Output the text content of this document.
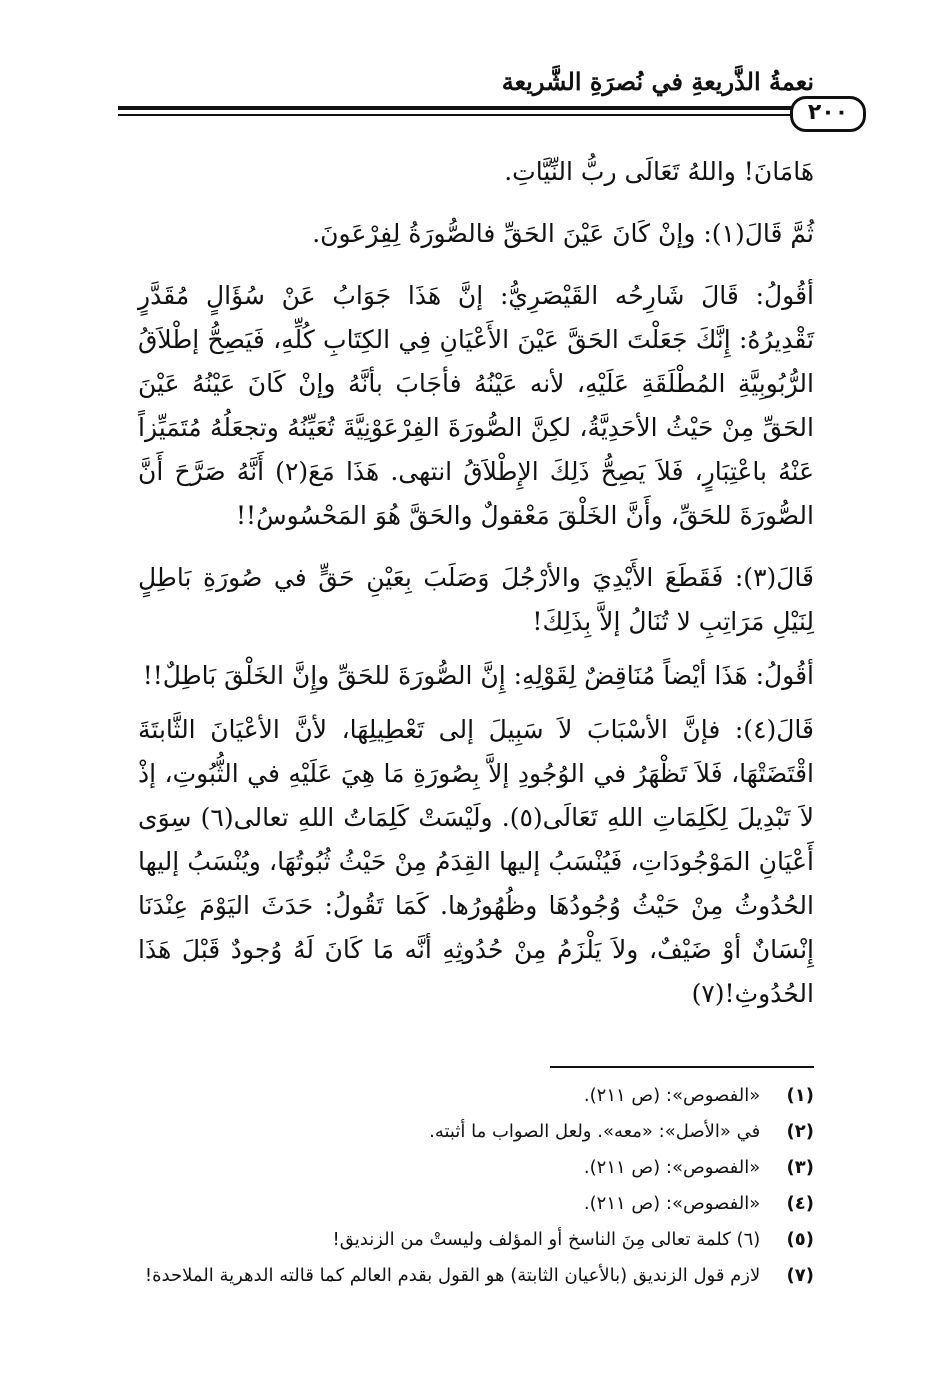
نعمةُ الذَّريعةِ في نُصرَةِ الشَّريعة
٢٠٠

هَامَانَ! واللهُ تَعَالَى ربُّ النِّيَّاتِ.

ثُمَّ قَالَ(١): وإنْ كَانَ عَيْنَ الحَقِّ فالصُّورَةُ لِفِرْعَونَ.

أقُولُ: قَالَ شَارِحُه القَيْصَرِيُّ: إنَّ هَذَا جَوَابُ عَنْ سُؤَالٍ مُقَدَّرٍ تَقْدِيرُهُ: إِنَّكَ جَعَلْتَ الحَقَّ عَيْنَ الأَعْيَانِ فِي الكِتَابِ كُلِّهِ، فَيَصِحُّ إطْلاَقُ الرُّبُوبِيَّةِ المُطْلَقَةِ عَلَيْهِ، لأنه عَيْنُهُ فأجَابَ بأنَّهُ وإنْ كَانَ عَيْنُهُ عَيْنَ الحَقِّ مِنْ حَيْثُ الأحَدِيَّةُ، لكِنَّ الصُّورَةَ الفِرْعَوْنِيَّةَ تُعَيِّنُهُ وتجعَلُهُ مُتَمَيِّزاً عَنْهُ باعْتِبَارٍ، فَلاَ يَصِحُّ ذَلِكَ الإِطْلاَقُ انتهى. هَذَا مَعَ(٢) أَنَّهُ صَرَّحَ أَنَّ الصُّورَةَ للحَقِّ، وأَنَّ الخَلْقَ مَعْقولٌ والحَقَّ هُوَ المَحْسُوسُ!!

قَالَ(٣): فَقَطَعَ الأَيْدِيَ والأرْجُلَ وَصَلَبَ بِعَيْنِ حَقٍّ في صُورَةِ بَاطِلٍ لِنَيْلِ مَرَاتِبِ لا تُنَالُ إلاَّ بِذَلِكَ!

أقُولُ: هَذَا أيْضاً مُنَاقِضٌ لِقَوْلِهِ: إِنَّ الصُّورَةَ للحَقِّ وإِنَّ الخَلْقَ بَاطِلٌ!!

قَالَ(٤): فإنَّ الأسْبَابَ لاَ سَبِيلَ إلى تَعْطِيلِهَا، لأنَّ الأعْيَانَ الثَّابتَةَ اقْتَضَتْهَا، فَلاَ تَظْهَرُ في الوُجُودِ إلاَّ بِصُورَةِ مَا هِيَ عَلَيْهِ في الثُّبُوتِ، إذْ لاَ تَبْدِيلَ لِكَلِمَاتِ اللهِ تَعَالَى(٥). ولَيْسَتْ كَلِمَاتُ اللهِ تعالى(٦) سِوَى أَعْيَانِ المَوْجُودَاتِ، فَيُنْسَبُ إليها القِدَمُ مِنْ حَيْثُ ثُبُوتُهَا، ويُنْسَبُ إليها الحُدُوثُ مِنْ حَيْثُ وُجُودُهَا وظُهُورُها. كَمَا تَقُولُ: حَدَثَ اليَوْمَ عِنْدَنَا إِنْسَانٌ أوْ ضَيْفٌ، ولاَ يَلْزَمُ مِنْ حُدُوثِهِ أنَّه مَا كَانَ لَهُ وُجودٌ قَبْلَ هَذَا الحُدُوثِ!(٧)

(١) «الفصوص»: (ص ٢١١).
(٢) في «الأصل»: «معه». ولعل الصواب ما أثبته.
(٣) «الفصوص»: (ص ٢١١).
(٤) «الفصوص»: (ص ٢١١).
(٥) (٦) كلمة تعالى مِنَ الناسخ أو المؤلف وليستْ من الزنديق!
(٧) لازم قول الزنديق (بالأعيان الثابتة) هو القول بقدم العالم كما قالته الدهرية الملاحدة!
